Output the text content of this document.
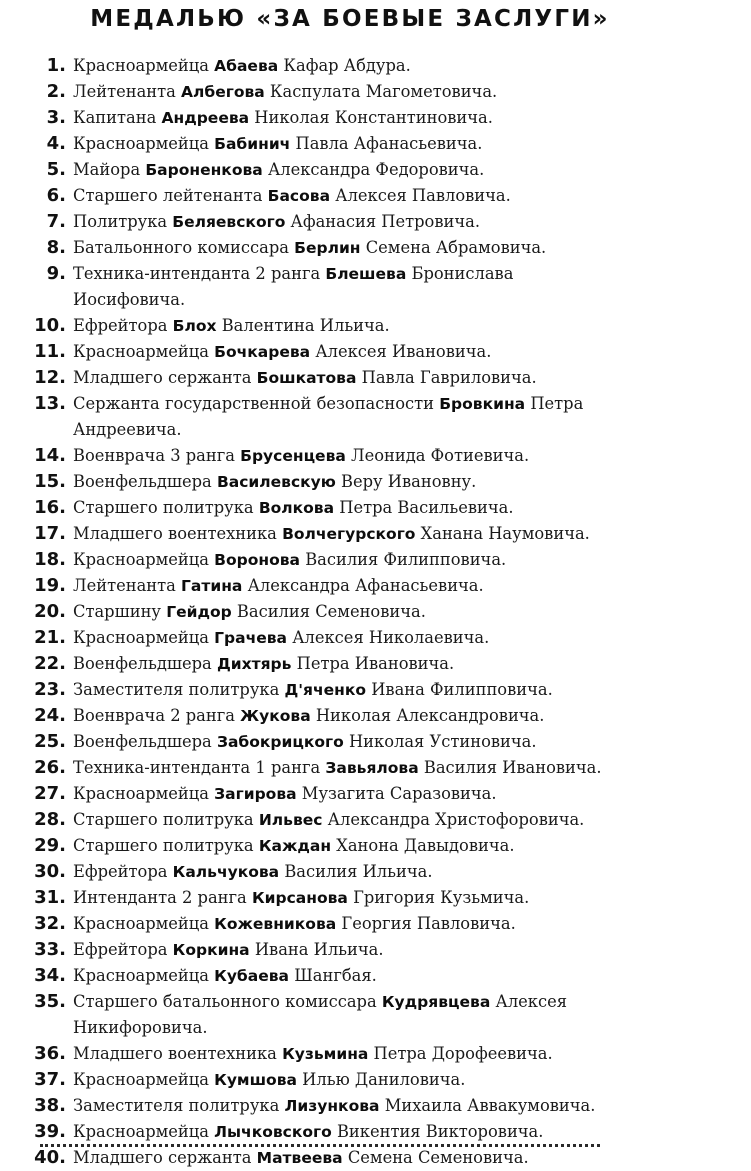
МЕДАЛЬЮ «ЗА БОЕВЫЕ ЗАСЛУГИ»
1. Красноармейца Абаева Кафар Абдура.
2. Лейтенанта Албегова Каспулата Магометовича.
3. Капитана Андреева Николая Константиновича.
4. Красноармейца Бабинич Павла Афанасьевича.
5. Майора Бароненкова Александра Федоровича.
6. Старшего лейтенанта Басова Алексея Павловича.
7. Политрука Беляевского Афанасия Петровича.
8. Батальонного комиссара Берлин Семена Абрамовича.
9. Техника-интенданта 2 ранга Блешева Бронислава
Иосифовича.
10. Ефрейтора Блох Валентина Ильича.
11. Красноармейца Бочкарева Алексея Ивановича.
12. Младшего сержанта Бошкатова Павла Гавриловича.
13. Сержанта государственной безопасности Бровкина Петра
Андреевича.
14. Военврача 3 ранга Брусенцева Леонида Фотиевича.
15. Военфельдшера Василевскую Веру Ивановну.
16. Старшего политрука Волкова Петра Васильевича.
17. Младшего воентехника Волчегурского Ханана Наумовича.
18. Красноармейца Воронова Василия Филипповича.
19. Лейтенанта Гатина Александра Афанасьевича.
20. Старшину Гейдор Василия Семеновича.
21. Красноармейца Грачева Алексея Николаевича.
22. Военфельдшера Дихтярь Петра Ивановича.
23. Заместителя политрука Д'яченко Ивана Филипповича.
24. Военврача 2 ранга Жукова Николая Александровича.
25. Военфельдшера Забокрицкого Николая Устиновича.
26. Техника-интенданта 1 ранга Завьялова Василия Ивановича.
27. Красноармейца Загирова Музагита Саразовича.
28. Старшего политрука Ильвес Александра Христофоровича.
29. Старшего политрука Каждан Ханона Давыдовича.
30. Ефрейтора Кальчукова Василия Ильича.
31. Интенданта 2 ранга Кирсанова Григория Кузьмича.
32. Красноармейца Кожевникова Георгия Павловича.
33. Ефрейтора Коркина Ивана Ильича.
34. Красноармейца Кубаева Шангбая.
35. Старшего батальонного комиссара Кудрявцева Алексея
Никифоровича.
36. Младшего воентехника Кузьмина Петра Дорофеевича.
37. Красноармейца Кумшова Илью Даниловича.
38. Заместителя политрука Лизункова Михаила Аввакумовича.
39. Красноармейца Лычковского Викентия Викторовича.
40. Младшего сержанта Матвеева Семена Семеновича.
